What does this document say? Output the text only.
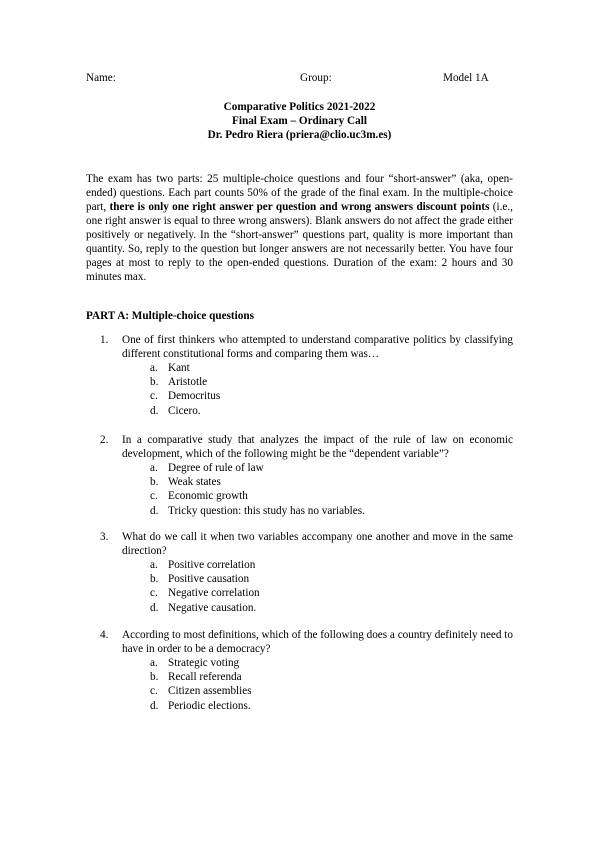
Name:	Group:	Model 1A
Comparative Politics 2021-2022
Final Exam – Ordinary Call
Dr. Pedro Riera (priera@clio.uc3m.es)
The exam has two parts: 25 multiple-choice questions and four “short-answer” (aka, open-ended) questions. Each part counts 50% of the grade of the final exam. In the multiple-choice part, there is only one right answer per question and wrong answers discount points (i.e., one right answer is equal to three wrong answers). Blank answers do not affect the grade either positively or negatively. In the “short-answer” questions part, quality is more important than quantity. So, reply to the question but longer answers are not necessarily better. You have four pages at most to reply to the open-ended questions. Duration of the exam: 2 hours and 30 minutes max.
PART A: Multiple-choice questions
1.	One of first thinkers who attempted to understand comparative politics by classifying different constitutional forms and comparing them was…
a. Kant
b. Aristotle
c. Democritus
d. Cicero.
2.	In a comparative study that analyzes the impact of the rule of law on economic development, which of the following might be the “dependent variable”?
a. Degree of rule of law
b. Weak states
c. Economic growth
d. Tricky question: this study has no variables.
3.	What do we call it when two variables accompany one another and move in the same direction?
a. Positive correlation
b. Positive causation
c. Negative correlation
d. Negative causation.
4.	According to most definitions, which of the following does a country definitely need to have in order to be a democracy?
a. Strategic voting
b. Recall referenda
c. Citizen assemblies
d. Periodic elections.
